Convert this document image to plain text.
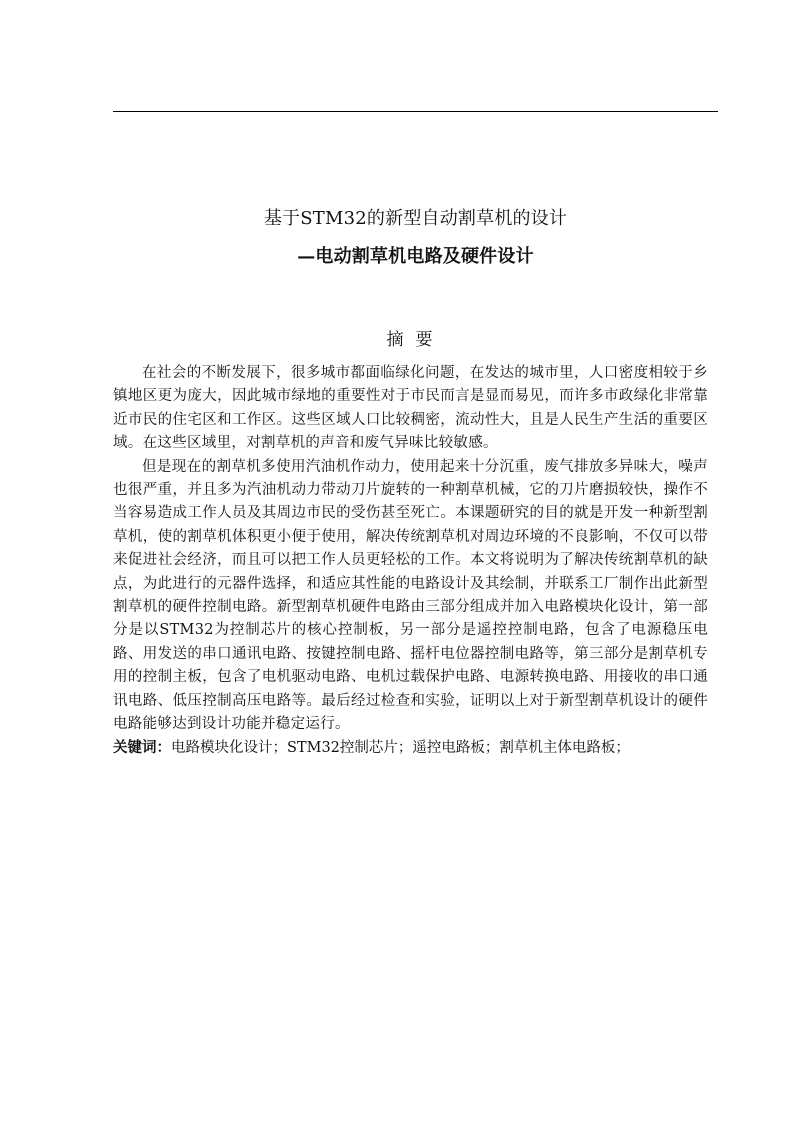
基于STM32的新型自动割草机的设计
—电动割草机电路及硬件设计
摘要

在社会的不断发展下，很多城市都面临绿化问题，在发达的城市里，人口密度相较于乡镇地区更为庞大，因此城市绿地的重要性对于市民而言是显而易见，而许多市政绿化非常靠近市民的住宅区和工作区。这些区域人口比较稠密，流动性大，且是人民生产生活的重要区域。在这些区域里，对割草机的声音和废气异味比较敏感。

但是现在的割草机多使用汽油机作动力，使用起来十分沉重，废气排放多异味大，噪声也很严重，并且多为汽油机动力带动刀片旋转的一种割草机械，它的刀片磨损较快，操作不当容易造成工作人员及其周边市民的受伤甚至死亡。本课题研究的目的就是开发一种新型割草机，使的割草机体积更小便于使用，解决传统割草机对周边环境的不良影响，不仅可以带来促进社会经济，而且可以把工作人员更轻松的工作。本文将说明为了解决传统割草机的缺点，为此进行的元器件选择，和适应其性能的电路设计及其绘制，并联系工厂制作出此新型割草机的硬件控制电路。新型割草机硬件电路由三部分组成并加入电路模块化设计，第一部分是以STM32为控制芯片的核心控制板，另一部分是遥控控制电路，包含了电源稳压电路、用发送的串口通讯电路、按键控制电路、摇杆电位器控制电路等，第三部分是割草机专用的控制主板，包含了电机驱动电路、电机过载保护电路、电源转换电路、用接收的串口通讯电路、低压控制高压电路等。最后经过检查和实验，证明以上对于新型割草机设计的硬件电路能够达到设计功能并稳定运行。

关键词：电路模块化设计；STM32控制芯片；遥控电路板；割草机主体电路板；
